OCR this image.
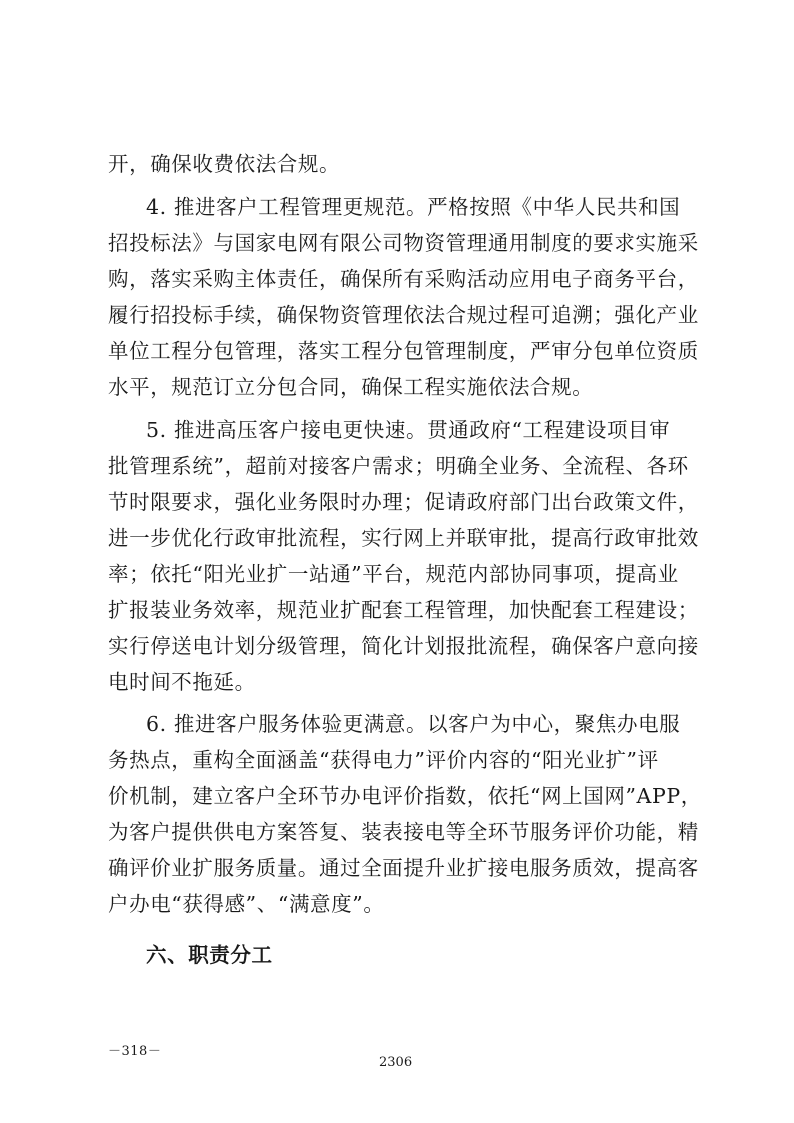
开，确保收费依法合规。
4. 推进客户工程管理更规范。严格按照《中华人民共和国
招投标法》与国家电网有限公司物资管理通用制度的要求实施采
购，落实采购主体责任，确保所有采购活动应用电子商务平台，
履行招投标手续，确保物资管理依法合规过程可追溯；强化产业
单位工程分包管理，落实工程分包管理制度，严审分包单位资质
水平，规范订立分包合同，确保工程实施依法合规。
5. 推进高压客户接电更快速。贯通政府“工程建设项目审
批管理系统”，超前对接客户需求；明确全业务、全流程、各环
节时限要求，强化业务限时办理；促请政府部门出台政策文件，
进一步优化行政审批流程，实行网上并联审批，提高行政审批效
率；依托“阳光业扩一站通”平台，规范内部协同事项，提高业
扩报装业务效率，规范业扩配套工程管理，加快配套工程建设；
实行停送电计划分级管理，简化计划报批流程，确保客户意向接
电时间不拖延。
6. 推进客户服务体验更满意。以客户为中心，聚焦办电服
务热点，重构全面涵盖“获得电力”评价内容的“阳光业扩”评
价机制，建立客户全环节办电评价指数，依托“网上国网”APP，
为客户提供供电方案答复、装表接电等全环节服务评价功能，精
确评价业扩服务质量。通过全面提升业扩接电服务质效，提高客
户办电“获得感”、“满意度”。
六、职责分工
－318－
2306
